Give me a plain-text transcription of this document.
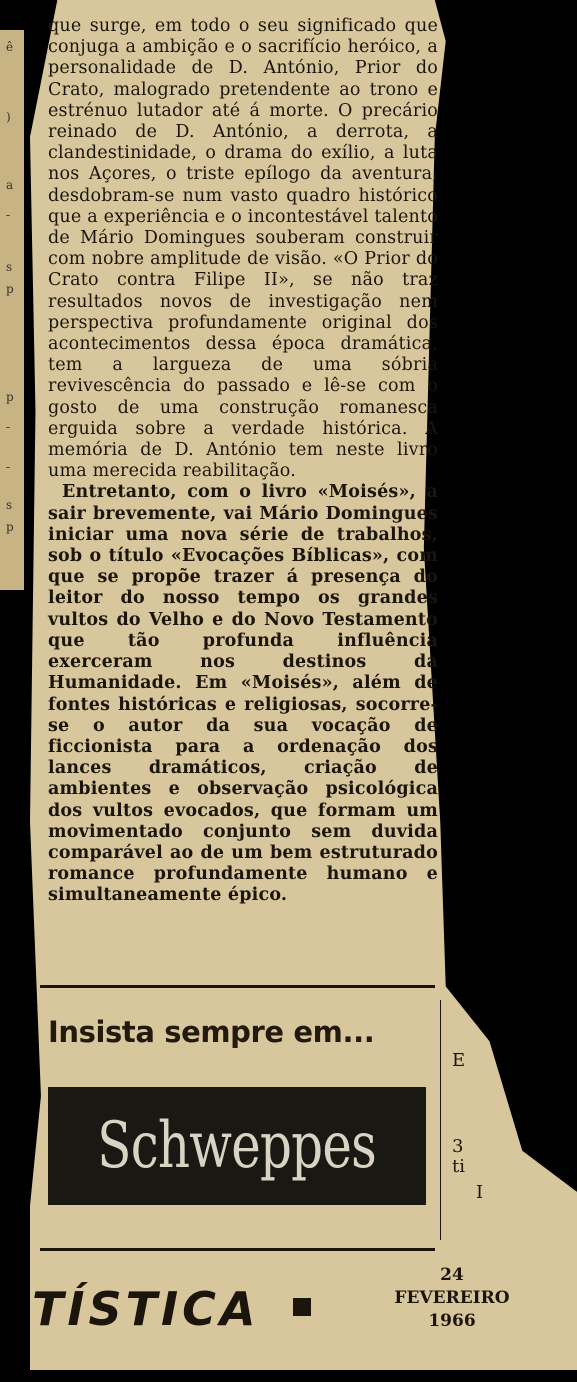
ê
)
a
-
s
p
p
-
-
s
p

que surge, em todo o seu significado que conjuga a ambição e o sacrifício heróico, a personalidade de D. António, Prior do Crato, malogrado pretendente ao trono e estrénuo lutador até á morte. O precário reinado de D. António, a derrota, a clandestinidade, o drama do exílio, a luta nos Açores, o triste epílogo da aventura, desdobram-se num vasto quadro histórico que a experiência e o incontestável talento de Mário Domingues souberam construir com nobre amplitude de visão. «O Prior do Crato contra Filipe II», se não traz resultados novos de investigação nem perspectiva profundamente original dos acontecimentos dessa época dramática, tem a largueza de uma sóbria revivescência do passado e lê-se com o gosto de uma construção romanesca erguida sobre a verdade histórica. A memória de D. António tem neste livro uma merecida reabilitação.

Entretanto, com o livro «Moisés», a sair brevemente, vai Mário Domingues iniciar uma nova série de trabalhos, sob o título «Evocações Bíblicas», com que se propõe trazer á presença do leitor do nosso tempo os grandes vultos do Velho e do Novo Testamento que tão profunda influência exerceram nos destinos da Humanidade. Em «Moisés», além de fontes históricas e religiosas, socorre-se o autor da sua vocação de ficcionista para a ordenação dos lances dramáticos, criação de ambientes e observação psicológica dos vultos evocados, que formam um movimentado conjunto sem duvida comparável ao de um bem estruturado romance profundamente humano e simultaneamente épico.

Insista sempre em...
Schweppes	3
ti
I
E
TÍSTICA
24
FEVEREIRO
1966
